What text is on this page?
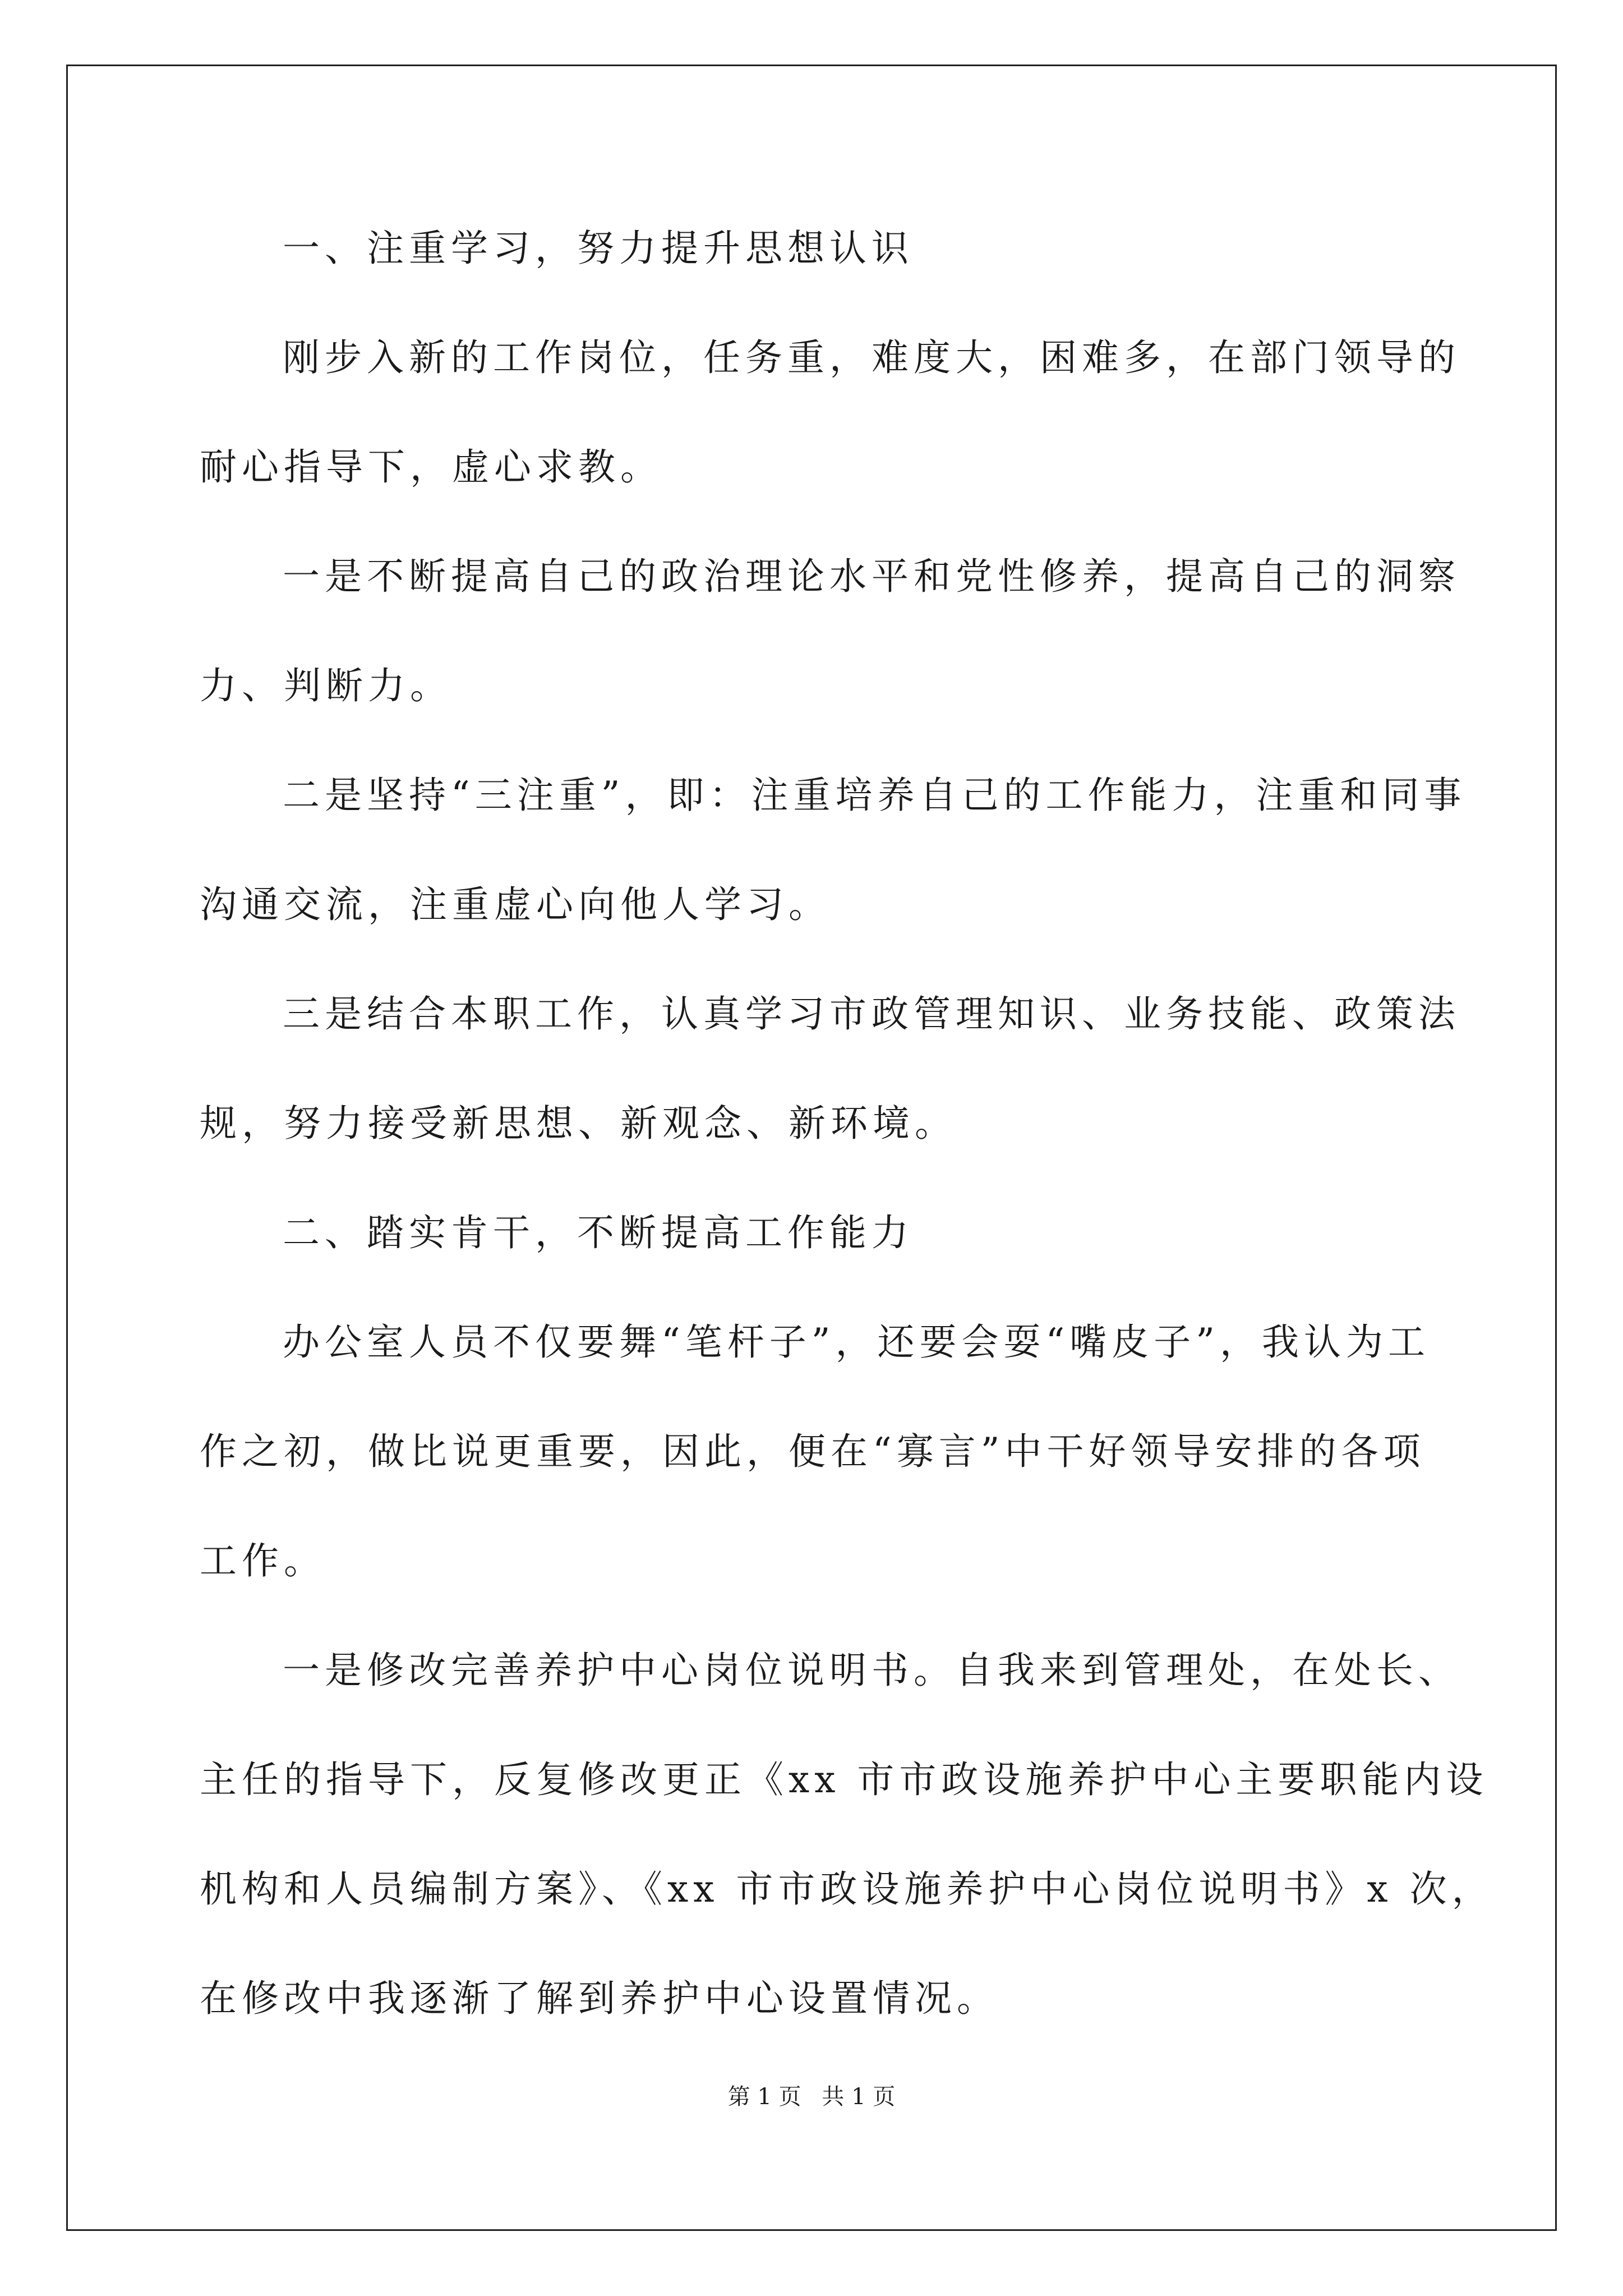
一、注重学习，努力提升思想认识
刚步入新的工作岗位，任务重，难度大，困难多，在部门领导的
耐心指导下，虚心求教。
一是不断提高自己的政治理论水平和党性修养，提高自己的洞察
力、判断力。
二是坚持“三注重”，即：注重培养自己的工作能力，注重和同事
沟通交流，注重虚心向他人学习。
三是结合本职工作，认真学习市政管理知识、业务技能、政策法
规，努力接受新思想、新观念、新环境。
二、踏实肯干，不断提高工作能力
办公室人员不仅要舞“笔杆子”，还要会耍“嘴皮子”，我认为工
作之初，做比说更重要，因此，便在“寡言”中干好领导安排的各项
工作。
一是修改完善养护中心岗位说明书。自我来到管理处，在处长、
主任的指导下，反复修改更正《xx 市市政设施养护中心主要职能内设
机构和人员编制方案》、《xx 市市政设施养护中心岗位说明书》x 次，
在修改中我逐渐了解到养护中心设置情况。
第 1 页 共 1 页
